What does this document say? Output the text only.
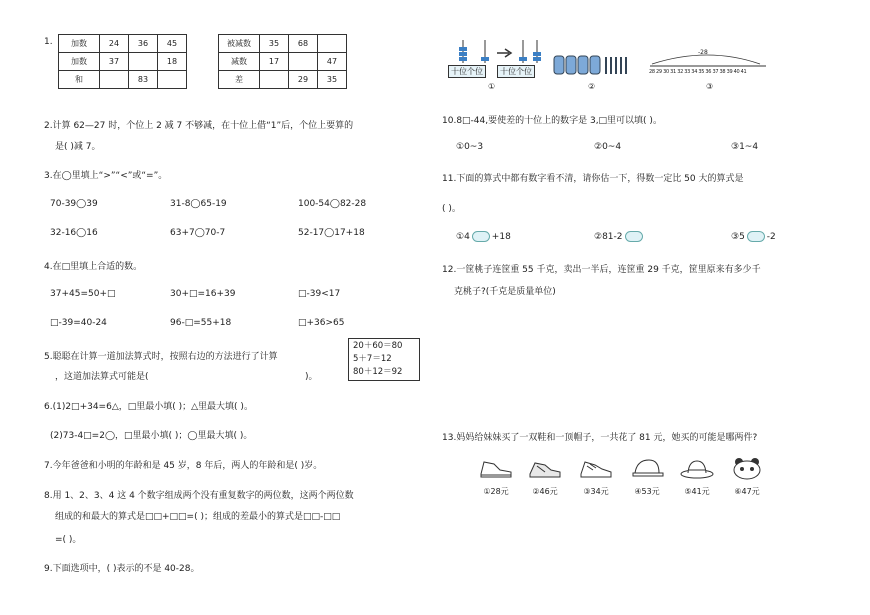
1. 加数	24	36	45
加数	37		18
和		83	
被减数	35	68	
减数	17		47
差		29	35
2.计算 62—27 时，个位上 2 减 7 不够减，在十位上借“1”后，个位上要算的
是( )减 7。
3.在◯里填上“>”“<”或“=”。
70-39◯39	31-8◯65-19	100-54◯82-28
32-16◯16	63+7◯70-7	52-17◯17+18
4.在□里填上合适的数。
37+45=50+□	30+□=16+39	□-39<17
□-39=40-24	96-□=55+18	□+36>65
5.聪聪在计算一道加法算式时，按照右边的方法进行了计算
，这道加法算式可能是(	)。
20＋60＝80
5＋7＝12
80＋12＝92
6.(1)2□+34=6△，□里最小填( )；△里最大填( )。
(2)73-4□=2◯，□里最小填( )；◯里最大填( )。
7.今年爸爸和小明的年龄和是 45 岁，8 年后，两人的年龄和是( )岁。
8.用 1、2、3、4 这 4 个数字组成两个没有重复数字的两位数，这两个两位数
组成的和最大的算式是□□+□□=( )；组成的差最小的算式是□□-□□
=( )。
9.下面选项中，( )表示的不是 40-28。
十位个位	十位个位
①	②
-28
28 29 30 31 32 33 34 35 36 37 38 39 40 41
③
10.8□-44,要使差的十位上的数字是 3,□里可以填( )。
①0~3	②0~4	③1~4
11.下面的算式中都有数字看不清，请你估一下，得数一定比 50 大的算式是
( )。
①4 +18	②81-2	③5 -2
12.一筐桃子连筐重 55 千克，卖出一半后，连筐重 29 千克，筐里原来有多少千
克桃子?(千克是质量单位)
13.妈妈给妹妹买了一双鞋和一顶帽子，一共花了 81 元，她买的可能是哪两件?
①28元	②46元	③34元	④53元	⑤41元	⑥47元
